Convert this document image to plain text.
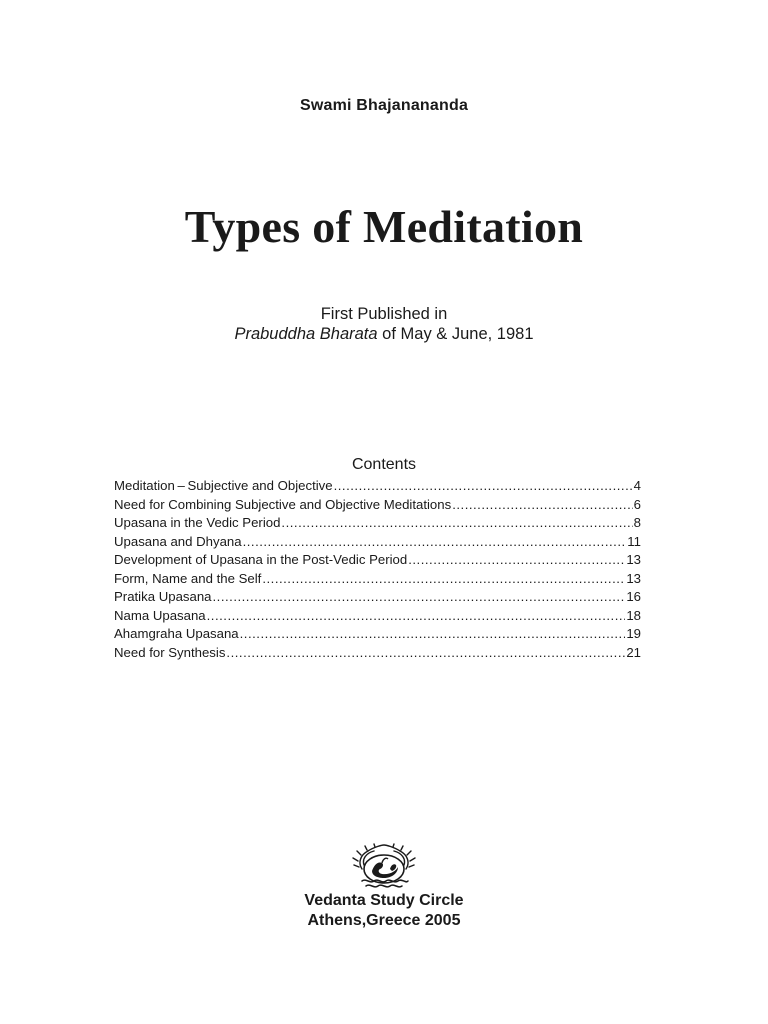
Swami Bhajanananda
Types of Meditation
First Published in
Prabuddha Bharata of May & June, 1981
Contents
Meditation – Subjective and Objective .....	4
Need for Combining Subjective and Objective Meditations .....	6
Upasana in the Vedic Period .....	8
Upasana and Dhyana .....	11
Development of Upasana in the Post-Vedic Period .....	13
Form, Name and the Self .....	13
Pratika Upasana .....	16
Nama Upasana .....	18
Ahamgraha Upasana .....	19
Need for Synthesis .....	21
Vedanta Study Circle
Athens,Greece 2005
